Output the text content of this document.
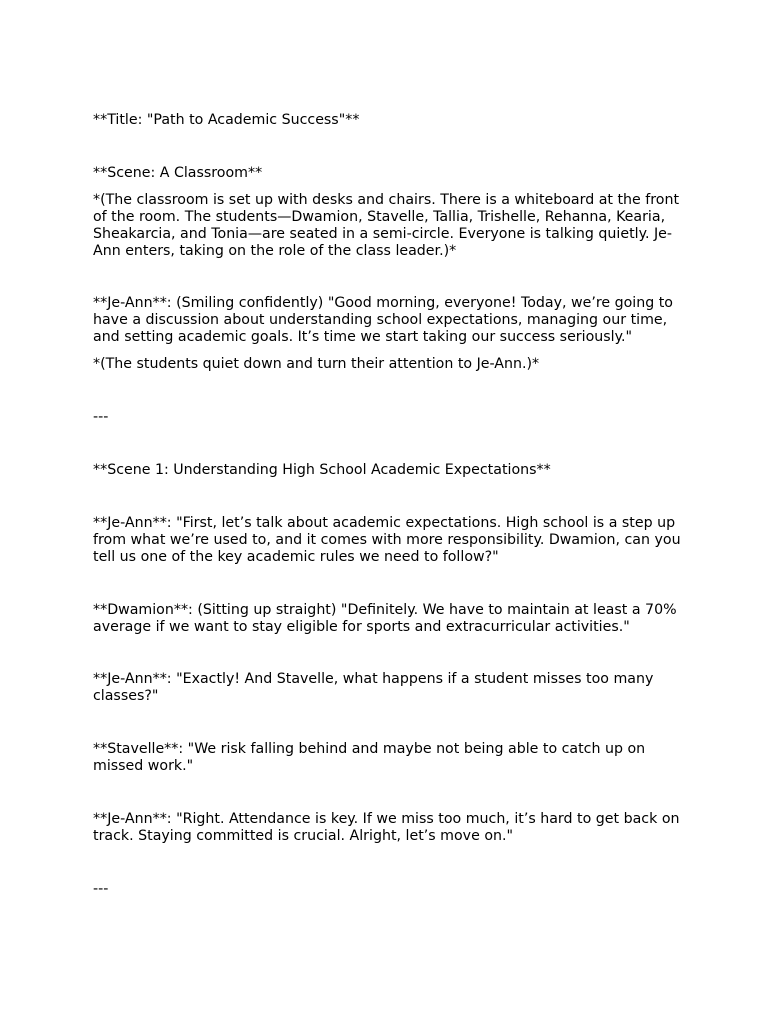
**Title: "Path to Academic Success"**

**Scene: A Classroom**

*(The classroom is set up with desks and chairs. There is a whiteboard at the front of the room. The students—Dwamion, Stavelle, Tallia, Trishelle, Rehanna, Kearia, Sheakarcia, and Tonia—are seated in a semi-circle. Everyone is talking quietly. Je-Ann enters, taking on the role of the class leader.)*

**Je-Ann**: (Smiling confidently) "Good morning, everyone! Today, we’re going to have a discussion about understanding school expectations, managing our time, and setting academic goals. It’s time we start taking our success seriously."

*(The students quiet down and turn their attention to Je-Ann.)*

---

**Scene 1: Understanding High School Academic Expectations**

**Je-Ann**: "First, let’s talk about academic expectations. High school is a step up from what we’re used to, and it comes with more responsibility. Dwamion, can you tell us one of the key academic rules we need to follow?"

**Dwamion**: (Sitting up straight) "Definitely. We have to maintain at least a 70% average if we want to stay eligible for sports and extracurricular activities."

**Je-Ann**: "Exactly! And Stavelle, what happens if a student misses too many classes?"

**Stavelle**: "We risk falling behind and maybe not being able to catch up on missed work."

**Je-Ann**: "Right. Attendance is key. If we miss too much, it’s hard to get back on track. Staying committed is crucial. Alright, let’s move on."

---
